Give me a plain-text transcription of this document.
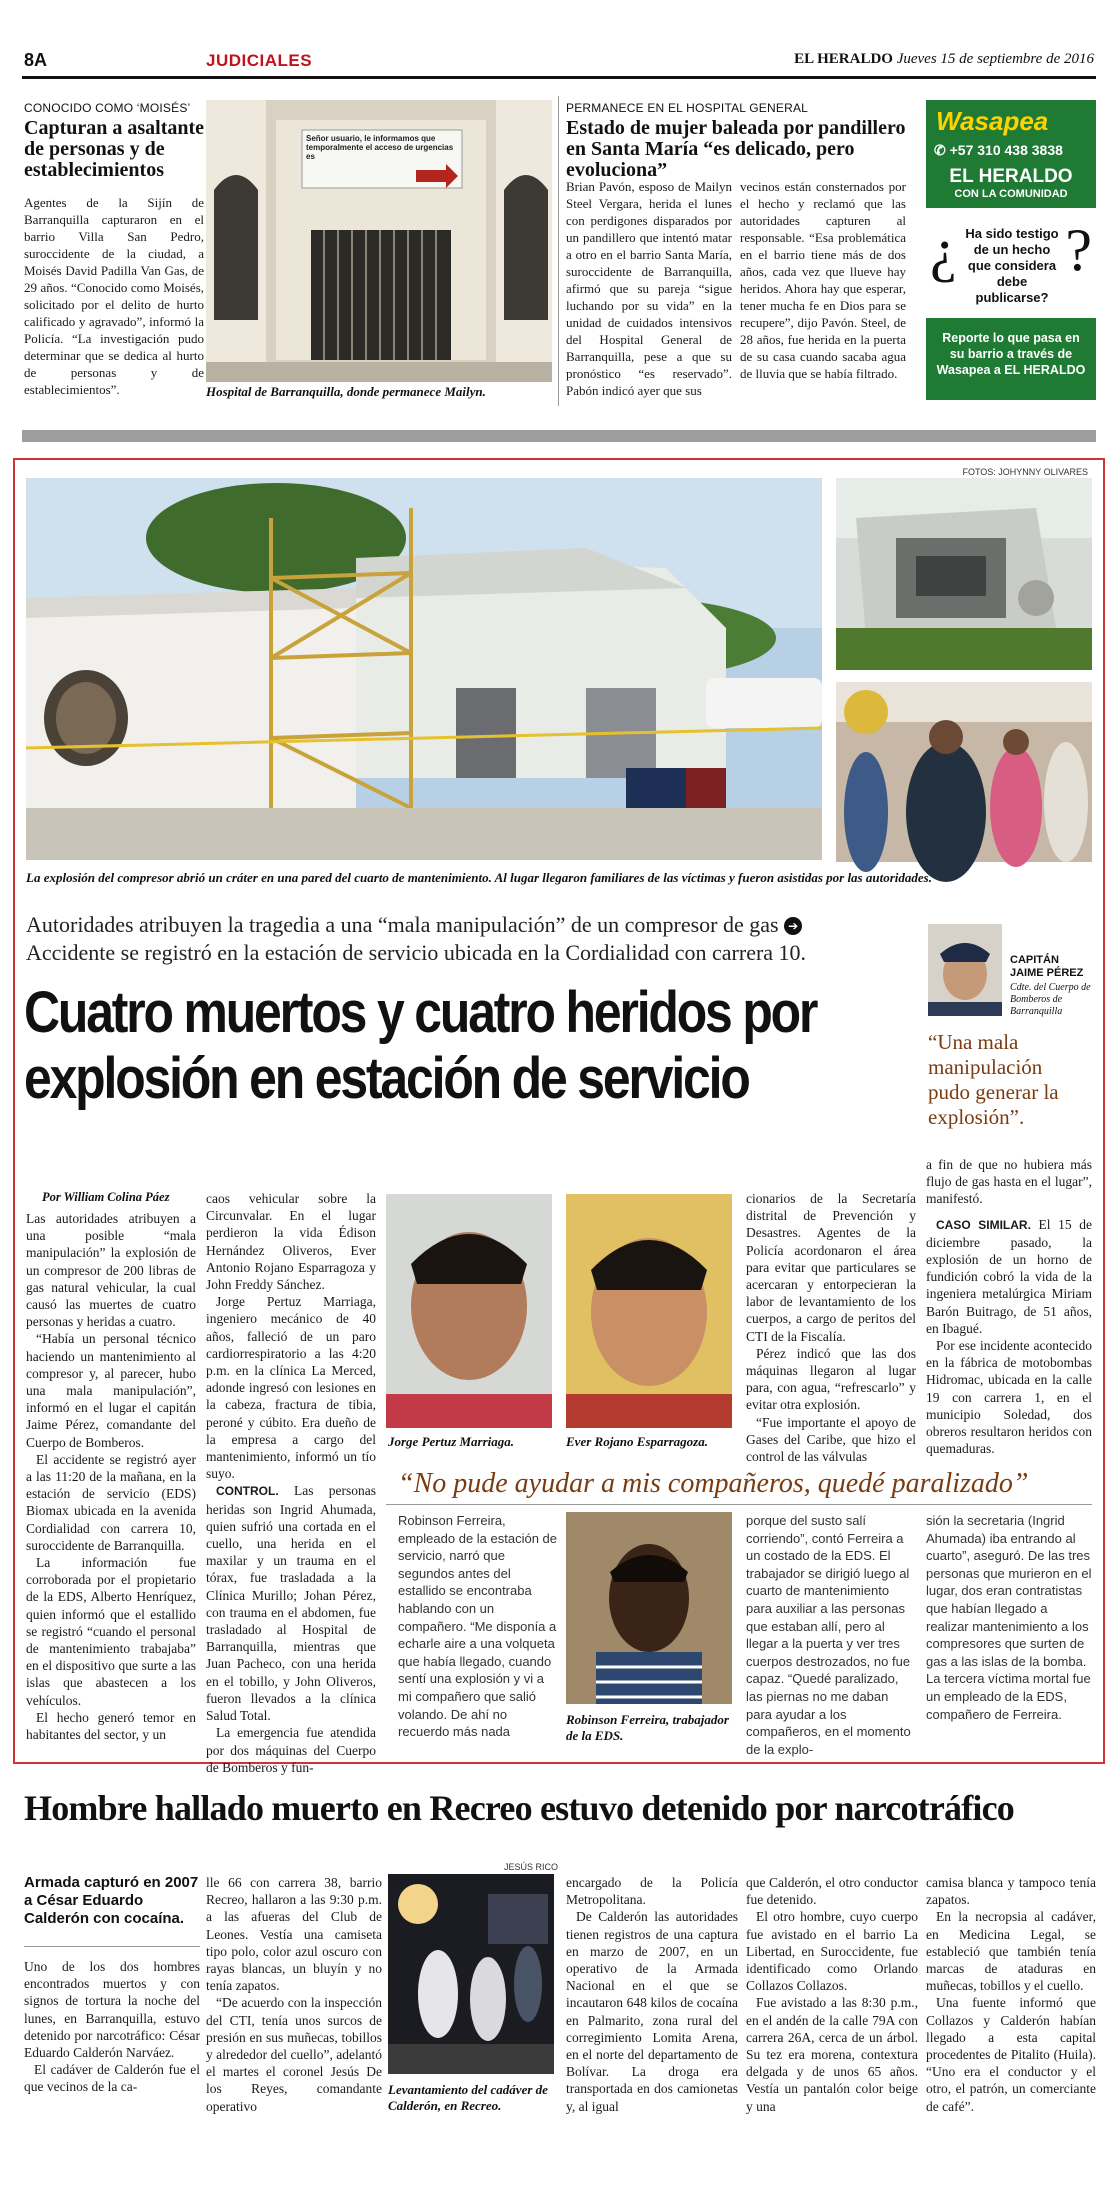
8A	JUDICIALES	EL HERALDO Jueves 15 de septiembre de 2016
CONOCIDO COMO ‘MOISÉS’
Capturan a asaltante de personas y de establecimientos
Agentes de la Sijín de Barranquilla capturaron en el barrio Villa San Pedro, suroccidente de la ciudad, a Moisés David Padilla Van Gas, de 29 años. “Conocido como Moisés, solicitado por el delito de hurto calificado y agravado”, informó la Policía. “La investigación pudo determinar que se dedica al hurto de personas y de establecimientos”.
Señor usuario, le informamos que temporalmente el acceso de urgencias es
Hospital de Barranquilla, donde permanece Mailyn.
PERMANECE EN EL HOSPITAL GENERAL
Estado de mujer baleada por pandillero en Santa María “es delicado, pero evoluciona”
Brian Pavón, esposo de Mailyn Steel Vergara, herida el lunes con perdigones disparados por un pandillero que intentó matar a otro en el barrio Santa María, suroccidente de Barranquilla, afirmó que su pareja “sigue luchando por su vida” en la unidad de cuidados intensivos del Hospital General de Barranquilla, pese a que su pronóstico “es reservado”. Pabón indicó ayer que sus
vecinos están consternados por el hecho y reclamó que las autoridades capturen al responsable. “Esa problemática en el barrio tiene más de dos años, cada vez que llueve hay heridos. Ahora hay que esperar, tener mucha fe en Dios para se recupere”, dijo Pavón. Steel, de 28 años, fue herida en la puerta de su casa cuando sacaba agua de lluvia que se había filtrado.
Wasapea
✆ +57 310 438 3838
EL HERALDO
CON LA COMUNIDAD
¿ ?
Ha sido testigo de un hecho que considera debe publicarse?
Reporte lo que pasa en su barrio a través de Wasapea a EL HERALDO
FOTOS: JOHYNNY OLIVARES
La explosión del compresor abrió un cráter en una pared del cuarto de mantenimiento. Al lugar llegaron familiares de las víctimas y fueron asistidas por las autoridades.
Autoridades atribuyen la tragedia a una “mala manipulación” de un compresor de gas ➔
Accidente se registró en la estación de servicio ubicada en la Cordialidad con carrera 10.
Cuatro muertos y cuatro heridos por
explosión en estación de servicio
CAPITÁN JAIME PÉREZ
Cdte. del Cuerpo de Bomberos de Barranquilla
“Una mala manipulación pudo generar la explosión”.
Por William Colina Páez

Las autoridades atribuyen a una posible “mala manipulación” la explosión de un compresor de 200 libras de gas natural vehicular, la cual causó las muertes de cuatro personas y heridas a cuatro.

“Había un personal técnico haciendo un mantenimiento al compresor y, al parecer, hubo una mala manipulación”, informó en el lugar el capitán Jaime Pérez, comandante del Cuerpo de Bomberos.

El accidente se registró ayer a las 11:20 de la mañana, en la estación de servicio (EDS) Biomax ubicada en la avenida Cordialidad con carrera 10, suroccidente de Barranquilla.

La información fue corroborada por el propietario de la EDS, Alberto Henríquez, quien informó que el estallido se registró “cuando el personal de mantenimiento trabajaba” en el dispositivo que surte a las islas que abastecen a los vehículos.

El hecho generó temor en habitantes del sector, y un

caos vehicular sobre la Circunvalar. En el lugar perdieron la vida Édison Hernández Oliveros, Ever Antonio Rojano Esparragoza y John Freddy Sánchez.

Jorge Pertuz Marriaga, ingeniero mecánico de 40 años, falleció de un paro cardiorrespiratorio a las 4:20 p.m. en la clínica La Merced, adonde ingresó con lesiones en la cabeza, fractura de tibia, peroné y cúbito. Era dueño de la empresa a cargo del mantenimiento, informó un tío suyo.

CONTROL. Las personas heridas son Ingrid Ahumada, quien sufrió una cortada en el cuello, una herida en el maxilar y un trauma en el tórax, fue trasladada a la Clínica Murillo; Johan Pérez, con trauma en el abdomen, fue trasladado al Hospital de Barranquilla, mientras que Juan Pacheco, con una herida en el tobillo, y John Oliveros, fueron llevados a la clínica Salud Total.

La emergencia fue atendida por dos máquinas del Cuerpo de Bomberos y fun-

Jorge Pertuz Marriaga.	Ever Rojano Esparragoza.

cionarios de la Secretaría distrital de Prevención y Desastres. Agentes de la Policía acordonaron el área para evitar que particulares se acercaran y entorpecieran la labor de levantamiento de los cuerpos, a cargo de peritos del CTI de la Fiscalía.

Pérez indicó que las dos máquinas llegaron al lugar para, con agua, “refrescarlo” y evitar otra explosión.

“Fue importante el apoyo de Gases del Caribe, que hizo el control de las válvulas

a fin de que no hubiera más flujo de gas hasta en el lugar”, manifestó.

CASO SIMILAR. El 15 de diciembre pasado, la explosión de un horno de fundición cobró la vida de la ingeniera metalúrgica Miriam Barón Buitrago, de 51 años, en Ibagué.

Por ese incidente acontecido en la fábrica de motobombas Hidromac, ubicada en la calle 19 con carrera 1, en el municipio Soledad, dos obreros resultaron heridos con quemaduras.

“No pude ayudar a mis compañeros, quedé paralizado”
Robinson Ferreira, empleado de la estación de servicio, narró que segundos antes del estallido se encontraba hablando con un compañero. “Me disponía a echarle aire a una volqueta que había llegado, cuando sentí una explosión y vi a mi compañero que salió volando. De ahí no recuerdo más nada
Robinson Ferreira, trabajador de la EDS.
porque del susto salí corriendo”, contó Ferreira a un costado de la EDS. El trabajador se dirigió luego al cuarto de mantenimiento para auxiliar a las personas que estaban allí, pero al llegar a la puerta y ver tres cuerpos destrozados, no fue capaz. “Quedé paralizado, las piernas no me daban para ayudar a los compañeros, en el momento de la explo-
sión la secretaria (Ingrid Ahumada) iba entrando al cuarto”, aseguró. De las tres personas que murieron en el lugar, dos eran contratistas que habían llegado a realizar mantenimiento a los compresores que surten de gas a las islas de la bomba. La tercera víctima mortal fue un empleado de la EDS, compañero de Ferreira.
Hombre hallado muerto en Recreo estuvo detenido por narcotráfico
Armada capturó en 2007 a César Eduardo Calderón con cocaína.

Uno de los dos hombres encontrados muertos y con signos de tortura la noche del lunes, en Barranquilla, estuvo detenido por narcotráfico: César Eduardo Calderón Narváez.

El cadáver de Calderón fue el que vecinos de la ca-

lle 66 con carrera 38, barrio Recreo, hallaron a las 9:30 p.m. a las afueras del Club de Leones. Vestía una camiseta tipo polo, color azul oscuro con rayas blancas, un bluyín y no tenía zapatos.

“De acuerdo con la inspección del CTI, tenía unos surcos de presión en sus muñecas, tobillos y alrededor del cuello”, adelantó el martes el coronel Jesús De los Reyes, comandante operativo

JESÚS RICO
Levantamiento del cadáver de Calderón, en Recreo.

encargado de la Policía Metropolitana.

De Calderón las autoridades tienen registros de una captura en marzo de 2007, en un operativo de la Armada Nacional en el que se incautaron 648 kilos de cocaína en Palmarito, zona rural del corregimiento Lomita Arena, en el norte del departamento de Bolívar. La droga era transportada en dos camionetas y, al igual

que Calderón, el otro conductor fue detenido.

El otro hombre, cuyo cuerpo fue avistado en el barrio La Libertad, en Suroccidente, fue identificado como Orlando Collazos Collazos.

Fue avistado a las 8:30 p.m., en el andén de la calle 79A con carrera 26A, cerca de un árbol. Su tez era morena, contextura delgada y de unos 65 años. Vestía un pantalón color beige y una

camisa blanca y tampoco tenía zapatos.

En la necropsia al cadáver, en Medicina Legal, se estableció que también tenía marcas de ataduras en muñecas, tobillos y el cuello.

Una fuente informó que Collazos y Calderón habían llegado a esta capital procedentes de Pitalito (Huila). “Uno era el conductor y el otro, el patrón, un comerciante de café”.
